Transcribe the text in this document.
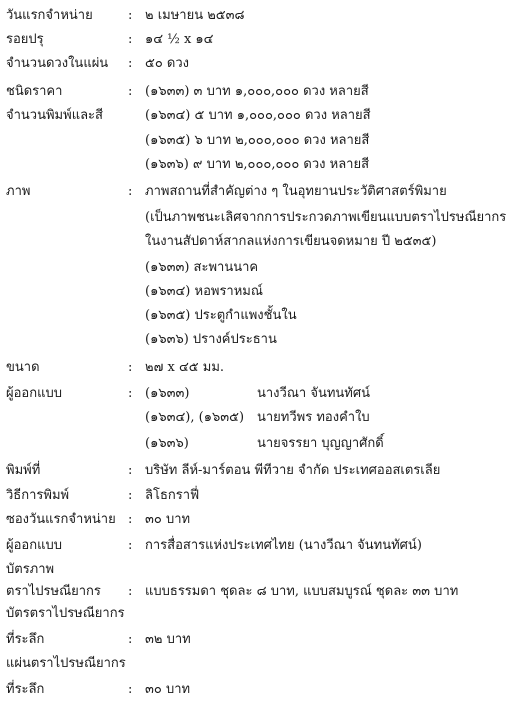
วันแรกจำหน่าย	: ๒ เมษายน ๒๕๓๘
รอยปรุ	: ๑๔ ½ x ๑๔
จำนวนดวงในแผ่น : ๕๐ ดวง
ชนิดราคา	: (๑๖๓๓) ๓ บาท ๑,๐๐๐,๐๐๐ ดวง หลายสี
จำนวนพิมพ์และสี	(๑๖๓๔) ๕ บาท ๑,๐๐๐,๐๐๐ ดวง หลายสี
(๑๖๓๕) ๖ บาท ๒,๐๐๐,๐๐๐ ดวง หลายสี
(๑๖๓๖) ๙ บาท ๒,๐๐๐,๐๐๐ ดวง หลายสี
ภาพ	: ภาพสถานที่สำคัญต่าง ๆ ในอุทยานประวัติศาสตร์พิมาย
(เป็นภาพชนะเลิศจากการประกวดภาพเขียนแบบตราไปรษณียากร
ในงานสัปดาห์สากลแห่งการเขียนจดหมาย ปี ๒๕๓๕)
(๑๖๓๓) สะพานนาค
(๑๖๓๔) หอพราหมณ์
(๑๖๓๕) ประตูกำแพงชั้นใน
(๑๖๓๖) ปรางค์ประธาน
ขนาด	: ๒๗ x ๔๕ มม.
ผู้ออกแบบ	: (๑๖๓๓)	นางวีณา จันทนทัศน์
(๑๖๓๔), (๑๖๓๕) นายทวีพร ทองคำใบ
(๑๖๓๖)	นายจรรยา บุญญาศักดิ์
พิมพ์ที่	: บริษัท ลีห์-มาร์ตอน พีทีวาย จำกัด ประเทศออสเตรเลีย
วิธีการพิมพ์	: ลิโธกราฟี่
ซองวันแรกจำหน่าย : ๓๐ บาท
ผู้ออกแบบ	: การสื่อสารแห่งประเทศไทย (นางวีณา จันทนทัศน์)
บัตรภาพ
ตราไปรษณียากร : แบบธรรมดา ชุดละ ๘ บาท, แบบสมบูรณ์ ชุดละ ๓๓ บาท
บัตรตราไปรษณียากร
ที่ระลึก	: ๓๒ บาท
แผ่นตราไปรษณียากร
ที่ระลึก	: ๓๐ บาท
